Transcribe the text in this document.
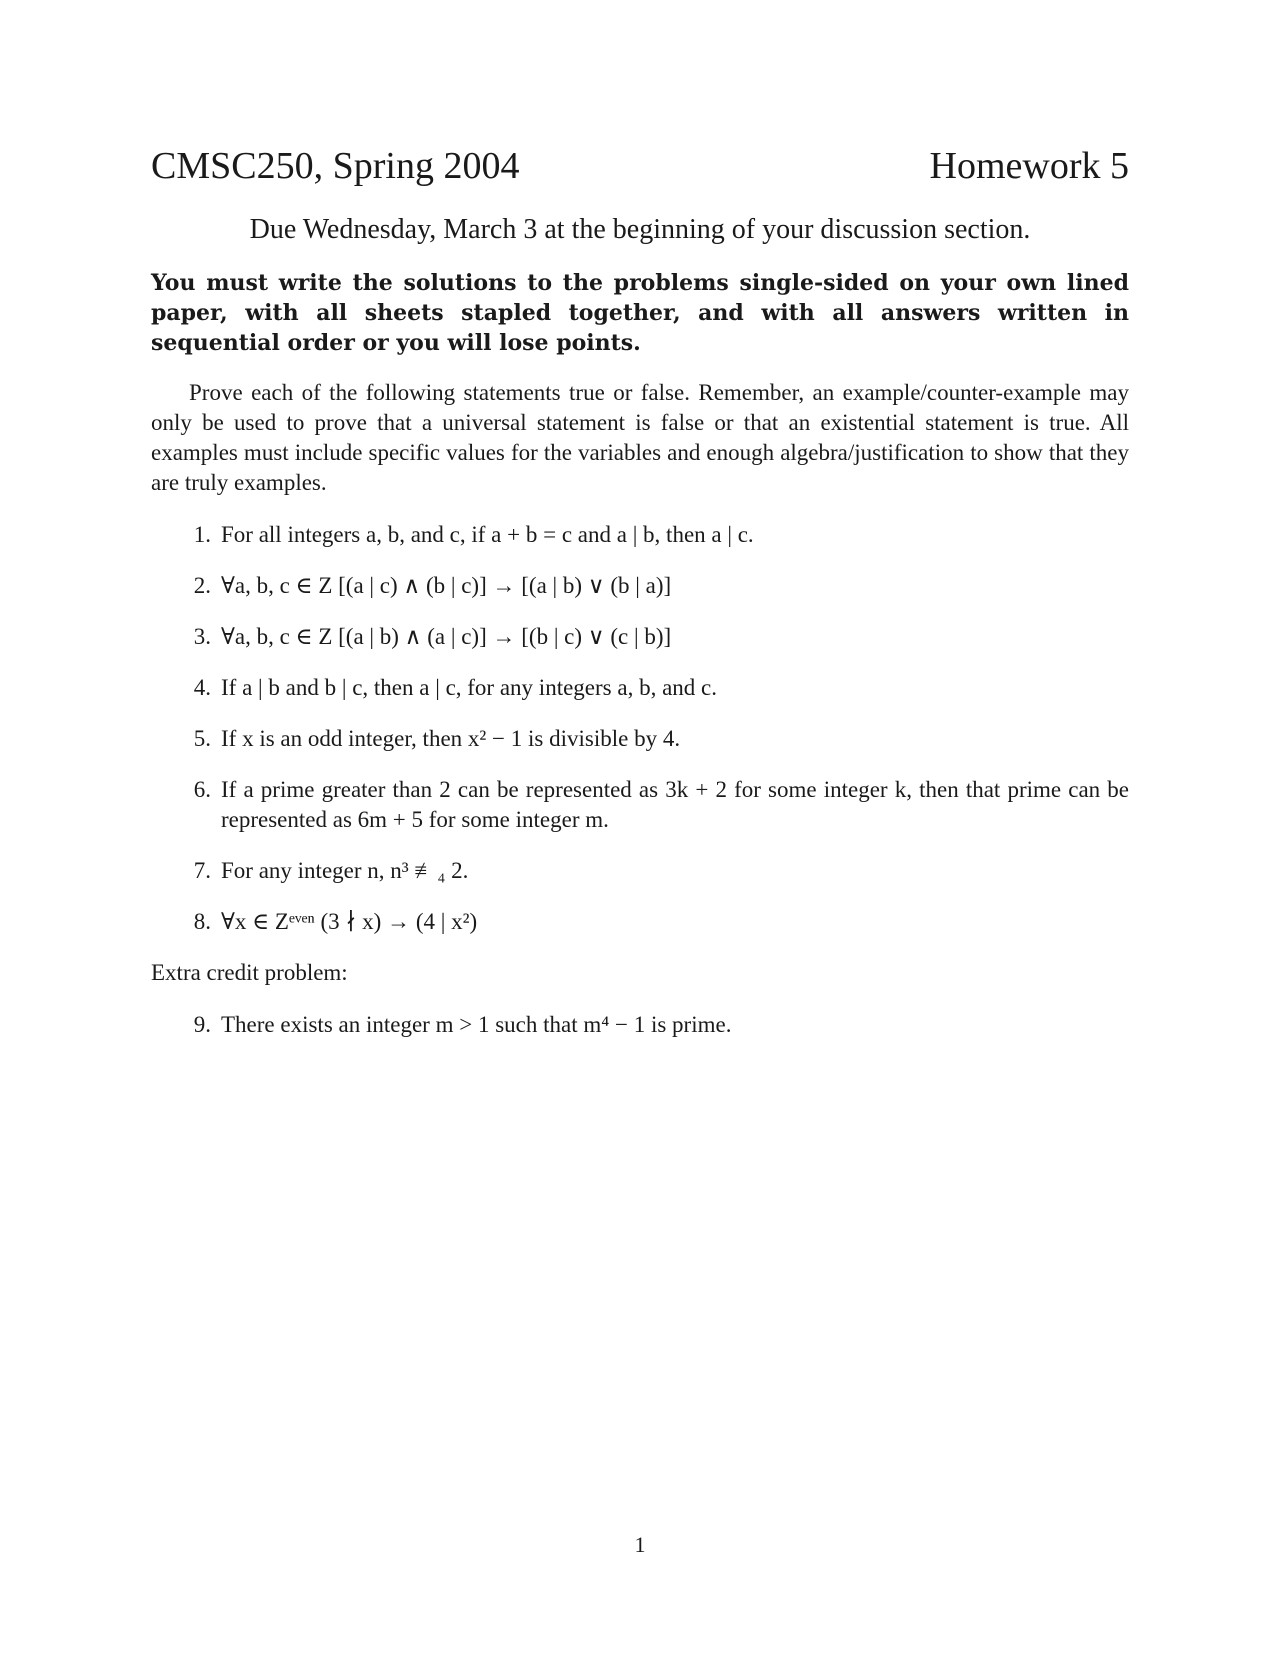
CMSC250, Spring 2004	Homework 5
Due Wednesday, March 3 at the beginning of your discussion section.
You must write the solutions to the problems single-sided on your own lined paper, with all sheets stapled together, and with all answers written in sequential order or you will lose points.
Prove each of the following statements true or false. Remember, an example/counter-example may only be used to prove that a universal statement is false or that an existential statement is true. All examples must include specific values for the variables and enough algebra/justification to show that they are truly examples.
1. For all integers a, b, and c, if a + b = c and a | b, then a | c.
2. ∀a, b, c ∈ Z [(a | c) ∧ (b | c)] → [(a | b) ∨ (b | a)]
3. ∀a, b, c ∈ Z [(a | b) ∧ (a | c)] → [(b | c) ∨ (c | b)]
4. If a | b and b | c, then a | c, for any integers a, b, and c.
5. If x is an odd integer, then x² − 1 is divisible by 4.
6. If a prime greater than 2 can be represented as 3k + 2 for some integer k, then that prime can be represented as 6m + 5 for some integer m.
7. For any integer n, n³ ≢₄ 2.
8. ∀x ∈ Zᵉᵛᵉⁿ (3 ∤ x) → (4 | x²)
Extra credit problem:
9. There exists an integer m > 1 such that m⁴ − 1 is prime.
1
